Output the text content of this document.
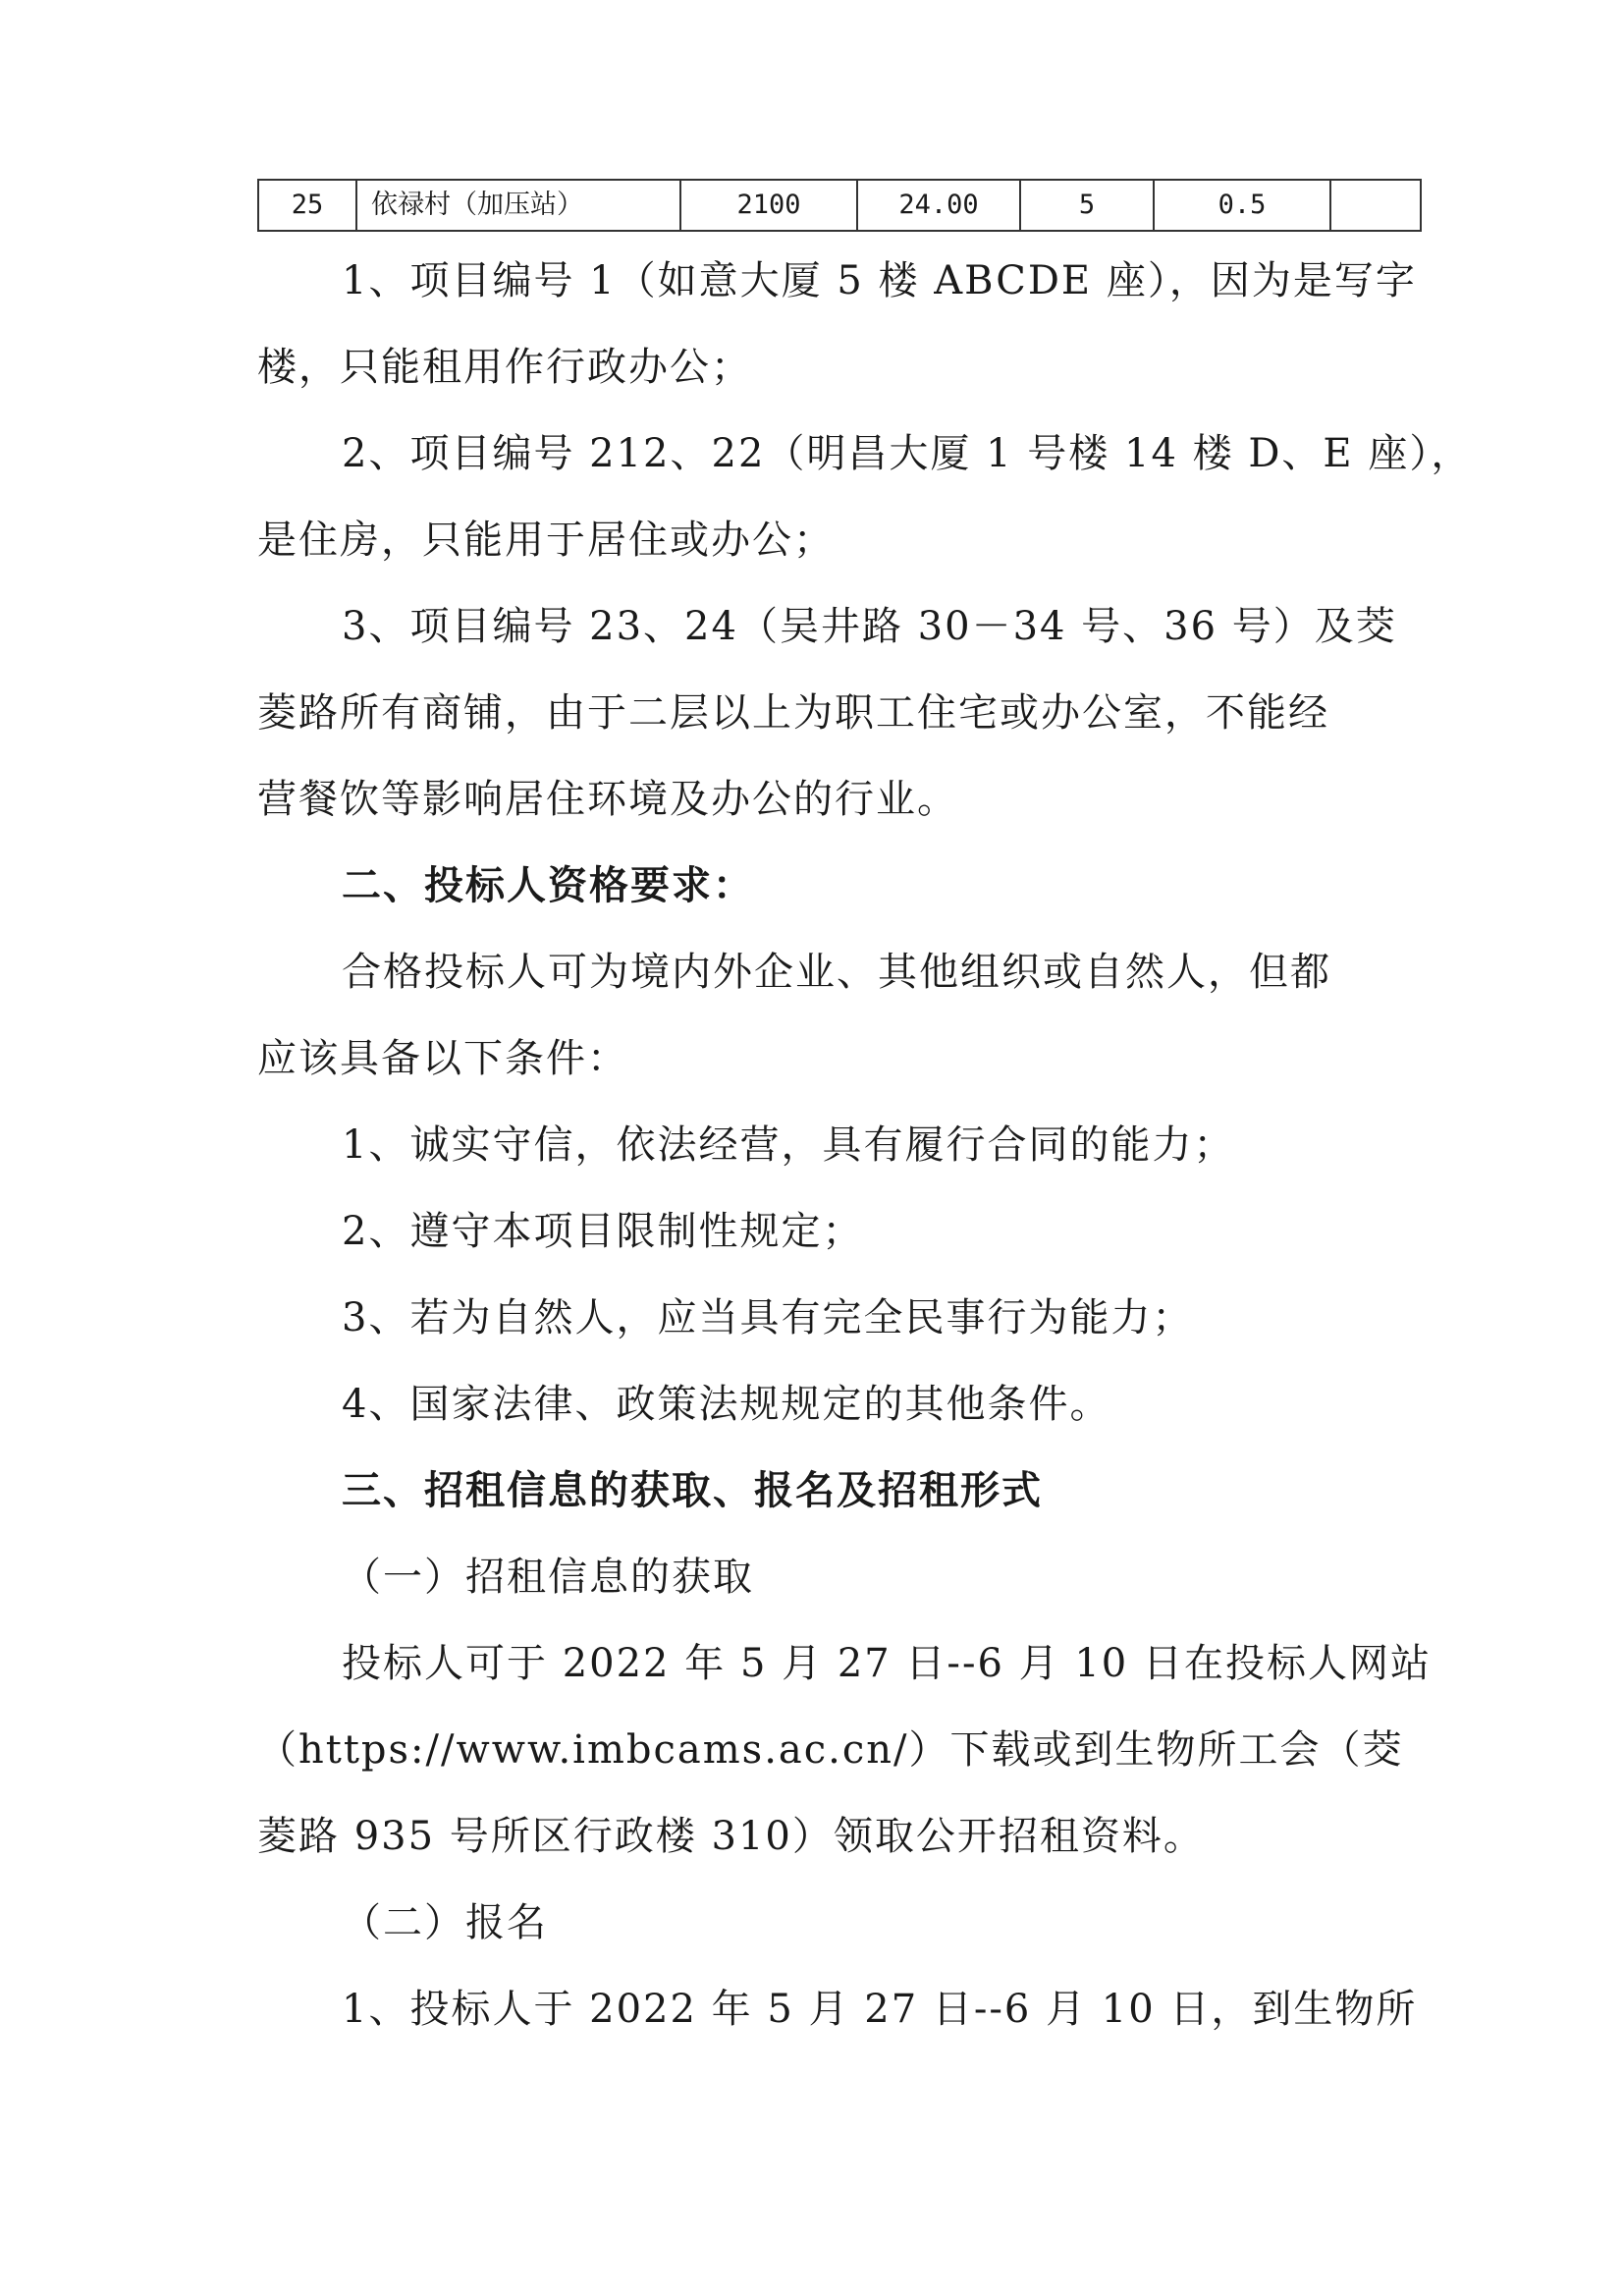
25	依禄村（加压站）	2100	24.00	5	0.5
1、项目编号 1（如意大厦 5 楼 ABCDE 座），因为是写字
楼，只能租用作行政办公；
2、项目编号 212、22（明昌大厦 1 号楼 14 楼 D、E 座），
是住房，只能用于居住或办公；
3、项目编号 23、24（吴井路 30－34 号、36 号）及茭
菱路所有商铺，由于二层以上为职工住宅或办公室，不能经
营餐饮等影响居住环境及办公的行业。
二、投标人资格要求：
合格投标人可为境内外企业、其他组织或自然人，但都
应该具备以下条件：
1、诚实守信，依法经营，具有履行合同的能力；
2、遵守本项目限制性规定；
3、若为自然人，应当具有完全民事行为能力；
4、国家法律、政策法规规定的其他条件。
三、招租信息的获取、报名及招租形式
（一）招租信息的获取
投标人可于 2022 年 5 月 27 日--6 月 10 日在投标人网站
（https://www.imbcams.ac.cn/）下载或到生物所工会（茭
菱路 935 号所区行政楼 310）领取公开招租资料。
（二）报名
1、投标人于 2022 年 5 月 27 日--6 月 10 日，到生物所
